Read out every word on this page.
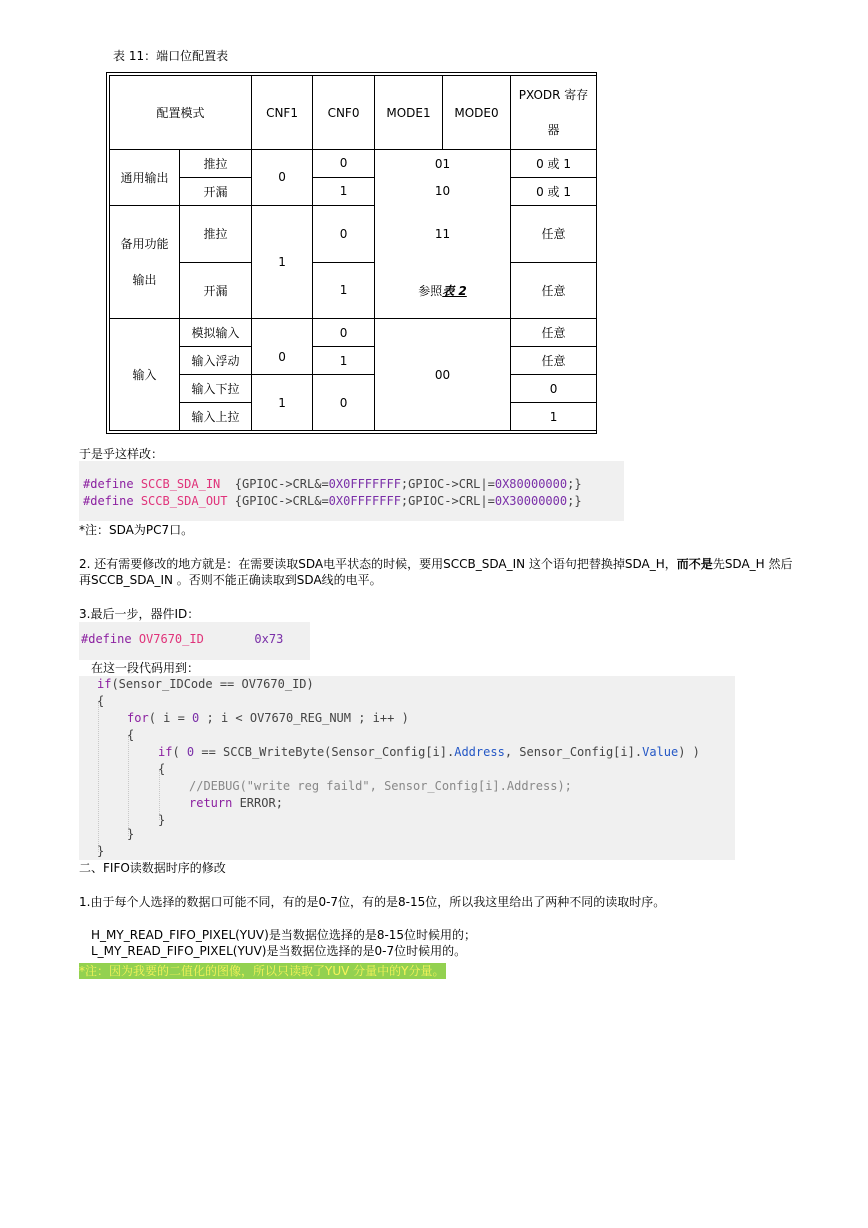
表 11：端口位配置表
配置模式		CNF1	CNF0	MODE1	MODE0	PXODR 寄存器
通用输出	推拉	0	0	01		0 或 1
	开漏		1	10		0 或 1
备用功能输出	推拉	1	0	11		任意
	开漏		1	参照表 2		任意
输入	模拟输入	0	0	00		任意
	输入浮动		1			任意
	输入下拉	1	0			0
	输入上拉					1
于是乎这样改：

#define SCCB_SDA_IN {GPIOC->CRL&=0X0FFFFFFF;GPIOC->CRL|=0X80000000;}

#define SCCB_SDA_OUT {GPIOC->CRL&=0X0FFFFFFF;GPIOC->CRL|=0X30000000;}

*注：SDA为PC7口。
2. 还有需要修改的地方就是：在需要读取SDA电平状态的时候，要用SCCB_SDA_IN 这个语句把替换掉SDA_H，而不是先SDA_H 然后
再SCCB_SDA_IN 。否则不能正确读取到SDA线的电平。
3.最后一步，器件ID：

#define OV7670_ID	0x73

在这一段代码用到：

if(Sensor_IDCode == OV7670_ID)

{

for( i = 0 ; i < OV7670_REG_NUM ; i++ )

{

if( 0 == SCCB_WriteByte(Sensor_Config[i].Address, Sensor_Config[i].Value) )

{

//DEBUG("write reg faild", Sensor_Config[i].Address);

return ERROR;

}

}

}

二、FIFO读数据时序的修改
1.由于每个人选择的数据口可能不同，有的是0-7位，有的是8-15位，所以我这里给出了两种不同的读取时序。
H_MY_READ_FIFO_PIXEL(YUV)是当数据位选择的是8-15位时候用的；
L_MY_READ_FIFO_PIXEL(YUV)是当数据位选择的是0-7位时候用的。
*注：因为我要的二值化的图像，所以只读取了YUV 分量中的Y分量。
